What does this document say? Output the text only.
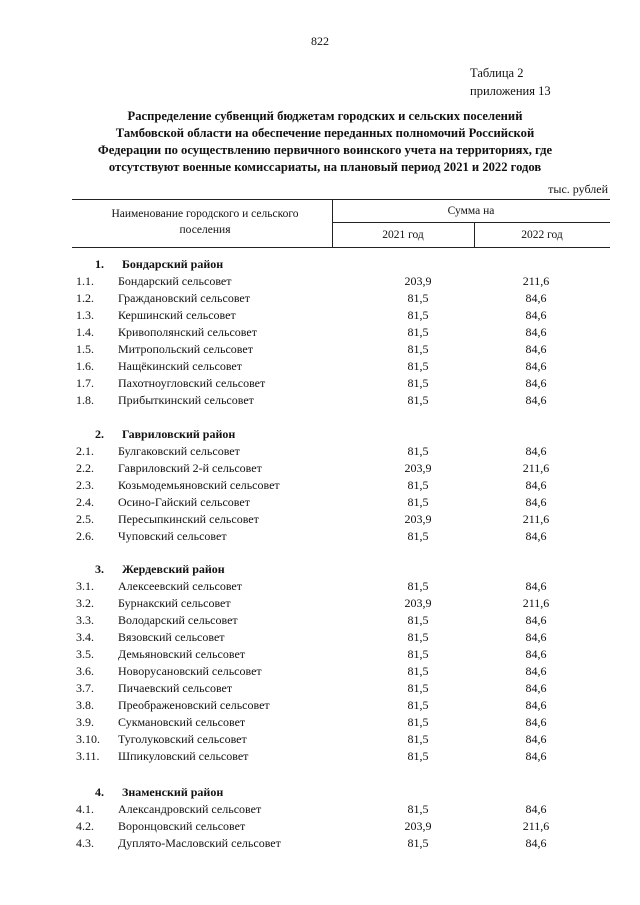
822
Таблица 2
приложения 13
Распределение субвенций бюджетам городских и сельских поселений Тамбовской области на обеспечение переданных полномочий Российской Федерации по осуществлению первичного воинского учета на территориях, где отсутствуют военные комиссариаты, на плановый период 2021 и 2022 годов
тыс. рублей
Наименование городского и сельского поселения
Сумма на
2021 год	2022 год
1. Бондарский район
1.1. Бондарский сельсовет	203,9	211,6
1.2. Граждановский сельсовет	81,5	84,6
1.3. Кершинский сельсовет	81,5	84,6
1.4. Кривополянский сельсовет	81,5	84,6
1.5. Митропольский сельсовет	81,5	84,6
1.6. Нащёкинский сельсовет	81,5	84,6
1.7. Пахотноугловский сельсовет	81,5	84,6
1.8. Прибыткинский сельсовет	81,5	84,6
2. Гавриловский район
2.1. Булгаковский сельсовет	81,5	84,6
2.2. Гавриловский 2-й сельсовет	203,9	211,6
2.3. Козьмодемьяновский сельсовет	81,5	84,6
2.4. Осино-Гайский сельсовет	81,5	84,6
2.5. Пересыпкинский сельсовет	203,9	211,6
2.6. Чуповский сельсовет	81,5	84,6
3. Жердевский район
3.1. Алексеевский сельсовет	81,5	84,6
3.2. Бурнакский сельсовет	203,9	211,6
3.3. Володарский сельсовет	81,5	84,6
3.4. Вязовский сельсовет	81,5	84,6
3.5. Демьяновский сельсовет	81,5	84,6
3.6. Новорусановский сельсовет	81,5	84,6
3.7. Пичаевский сельсовет	81,5	84,6
3.8. Преображеновский сельсовет	81,5	84,6
3.9. Сукмановский сельсовет	81,5	84,6
3.10. Туголуковский сельсовет	81,5	84,6
3.11. Шпикуловский сельсовет	81,5	84,6
4. Знаменский район
4.1. Александровский сельсовет	81,5	84,6
4.2. Воронцовский сельсовет	203,9	211,6
4.3. Дуплято-Масловский сельсовет	81,5	84,6
